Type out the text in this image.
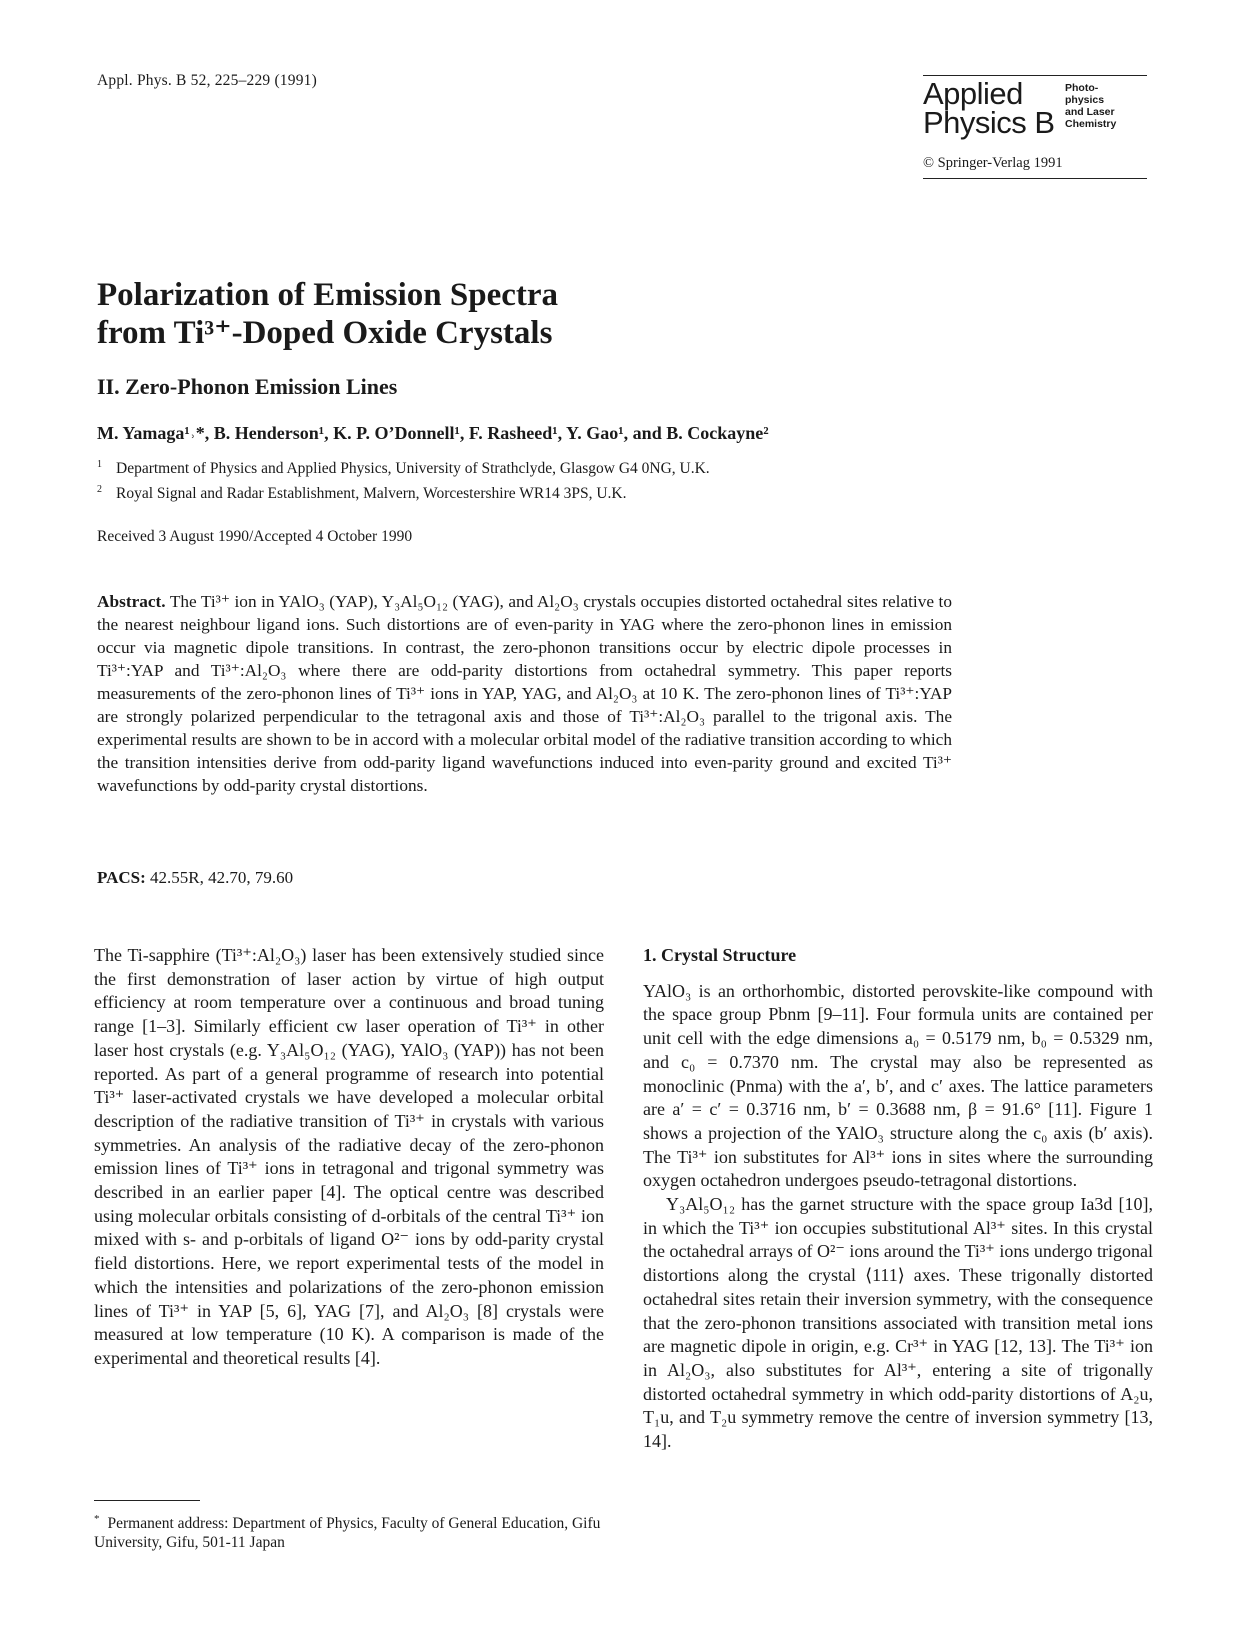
Appl. Phys. B 52, 225–229 (1991)	Applied
Physics B
Photo-
physics
and Laser
Chemistry
© Springer-Verlag 1991
Polarization of Emission Spectra
from Ti³⁺-Doped Oxide Crystals
II. Zero-Phonon Emission Lines
M. Yamaga¹˒*, B. Henderson¹, K. P. O’Donnell¹, F. Rasheed¹, Y. Gao¹, and B. Cockayne²
$^1$ Department of Physics and Applied Physics, University of Strathclyde, Glasgow G4 0NG, U.K.
$^2$ Royal Signal and Radar Establishment, Malvern, Worcestershire WR14 3PS, U.K.
Received 3 August 1990/Accepted 4 October 1990
Abstract. The Ti³⁺ ion in YAlO₃ (YAP), Y₃Al₅O₁₂ (YAG), and Al₂O₃ crystals occupies distorted octahedral sites relative to the nearest neighbour ligand ions. Such distortions are of even-parity in YAG where the zero-phonon lines in emission occur via magnetic dipole transitions. In contrast, the zero-phonon transitions occur by electric dipole processes in Ti³⁺:YAP and Ti³⁺:Al₂O₃ where there are odd-parity distortions from octahedral symmetry. This paper reports measurements of the zero-phonon lines of Ti³⁺ ions in YAP, YAG, and Al₂O₃ at 10 K. The zero-phonon lines of Ti³⁺:YAP are strongly polarized perpendicular to the tetragonal axis and those of Ti³⁺:Al₂O₃ parallel to the trigonal axis. The experimental results are shown to be in accord with a molecular orbital model of the radiative transition according to which the transition intensities derive from odd-parity ligand wavefunctions induced into even-parity ground and excited Ti³⁺ wavefunctions by odd-parity crystal distortions.
PACS: 42.55R, 42.70, 79.60

The Ti-sapphire (Ti³⁺:Al₂O₃) laser has been extensively studied since the first demonstration of laser action by virtue of high output efficiency at room temperature over a continuous and broad tuning range [1–3]. Similarly efficient cw laser operation of Ti³⁺ in other laser host crystals (e.g. Y₃Al₅O₁₂ (YAG), YAlO₃ (YAP)) has not been reported. As part of a general programme of research into potential Ti³⁺ laser-activated crystals we have developed a molecular orbital description of the radiative transition of Ti³⁺ in crystals with various symmetries. An analysis of the radiative decay of the zero-phonon emission lines of Ti³⁺ ions in tetragonal and trigonal symmetry was described in an earlier paper [4]. The optical centre was described using molecular orbitals consisting of d-orbitals of the central Ti³⁺ ion mixed with s- and p-orbitals of ligand O²⁻ ions by odd-parity crystal field distortions. Here, we report experimental tests of the model in which the intensities and polarizations of the zero-phonon emission lines of Ti³⁺ in YAP [5, 6], YAG [7], and Al₂O₃ [8] crystals were measured at low temperature (10 K). A comparison is made of the experimental and theoretical results [4].

* Permanent address: Department of Physics, Faculty of General Education, Gifu University, Gifu, 501-11 Japan
1. Crystal Structure

YAlO₃ is an orthorhombic, distorted perovskite-like compound with the space group Pbnm [9–11]. Four formula units are contained per unit cell with the edge dimensions a₀ = 0.5179 nm, b₀ = 0.5329 nm, and c₀ = 0.7370 nm. The crystal may also be represented as monoclinic (Pnma) with the a′, b′, and c′ axes. The lattice parameters are a′ = c′ = 0.3716 nm, b′ = 0.3688 nm, β = 91.6° [11]. Figure 1 shows a projection of the YAlO₃ structure along the c₀ axis (b′ axis). The Ti³⁺ ion substitutes for Al³⁺ ions in sites where the surrounding oxygen octahedron undergoes pseudo-tetragonal distortions.

Y₃Al₅O₁₂ has the garnet structure with the space group Ia3d [10], in which the Ti³⁺ ion occupies substitutional Al³⁺ sites. In this crystal the octahedral arrays of O²⁻ ions around the Ti³⁺ ions undergo trigonal distortions along the crystal ⟨111⟩ axes. These trigonally distorted octahedral sites retain their inversion symmetry, with the consequence that the zero-phonon transitions associated with transition metal ions are magnetic dipole in origin, e.g. Cr³⁺ in YAG [12, 13]. The Ti³⁺ ion in Al₂O₃, also substitutes for Al³⁺, entering a site of trigonally distorted octahedral symmetry in which odd-parity distortions of A₂u, T₁u, and T₂u symmetry remove the centre of inversion symmetry [13, 14].
